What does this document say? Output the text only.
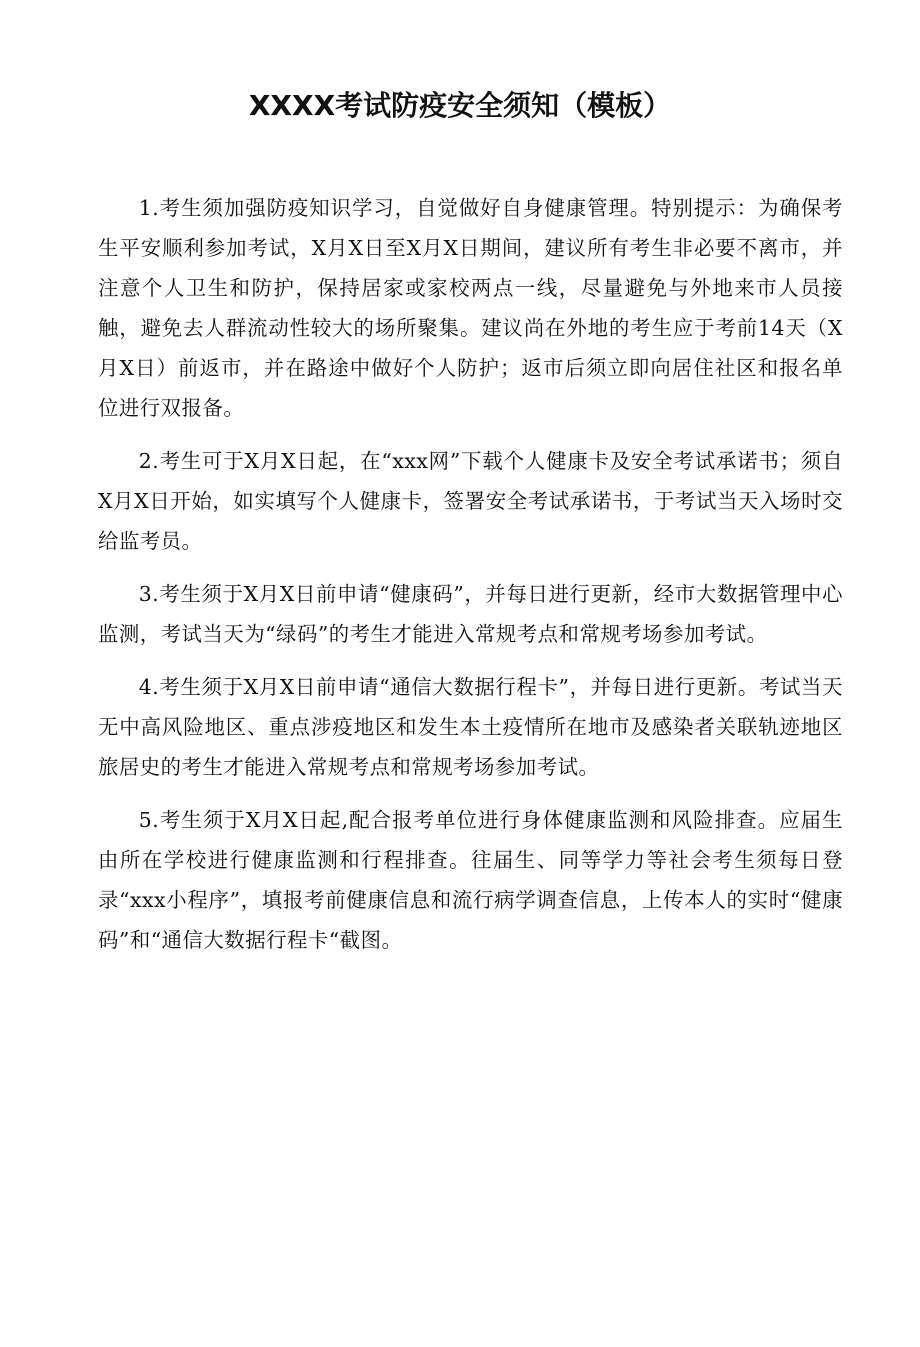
XXXX考试防疫安全须知（模板）

1.考生须加强防疫知识学习，自觉做好自身健康管理。特别提示：为确保考生平安顺利参加考试，X月X日至X月X日期间，建议所有考生非必要不离市，并注意个人卫生和防护，保持居家或家校两点一线，尽量避免与外地来市人员接触，避免去人群流动性较大的场所聚集。建议尚在外地的考生应于考前14天（X月X日）前返市，并在路途中做好个人防护；返市后须立即向居住社区和报名单位进行双报备。

2.考生可于X月X日起，在“xxx网”下载个人健康卡及安全考试承诺书；须自X月X日开始，如实填写个人健康卡，签署安全考试承诺书，于考试当天入场时交给监考员。

3.考生须于X月X日前申请“健康码”，并每日进行更新，经市大数据管理中心监测，考试当天为“绿码”的考生才能进入常规考点和常规考场参加考试。

4.考生须于X月X日前申请“通信大数据行程卡”，并每日进行更新。考试当天无中高风险地区、重点涉疫地区和发生本土疫情所在地市及感染者关联轨迹地区旅居史的考生才能进入常规考点和常规考场参加考试。

5.考生须于X月X日起,配合报考单位进行身体健康监测和风险排查。应届生由所在学校进行健康监测和行程排查。往届生、同等学力等社会考生须每日登录“xxx小程序”，填报考前健康信息和流行病学调查信息，上传本人的实时“健康码”和“通信大数据行程卡“截图。
